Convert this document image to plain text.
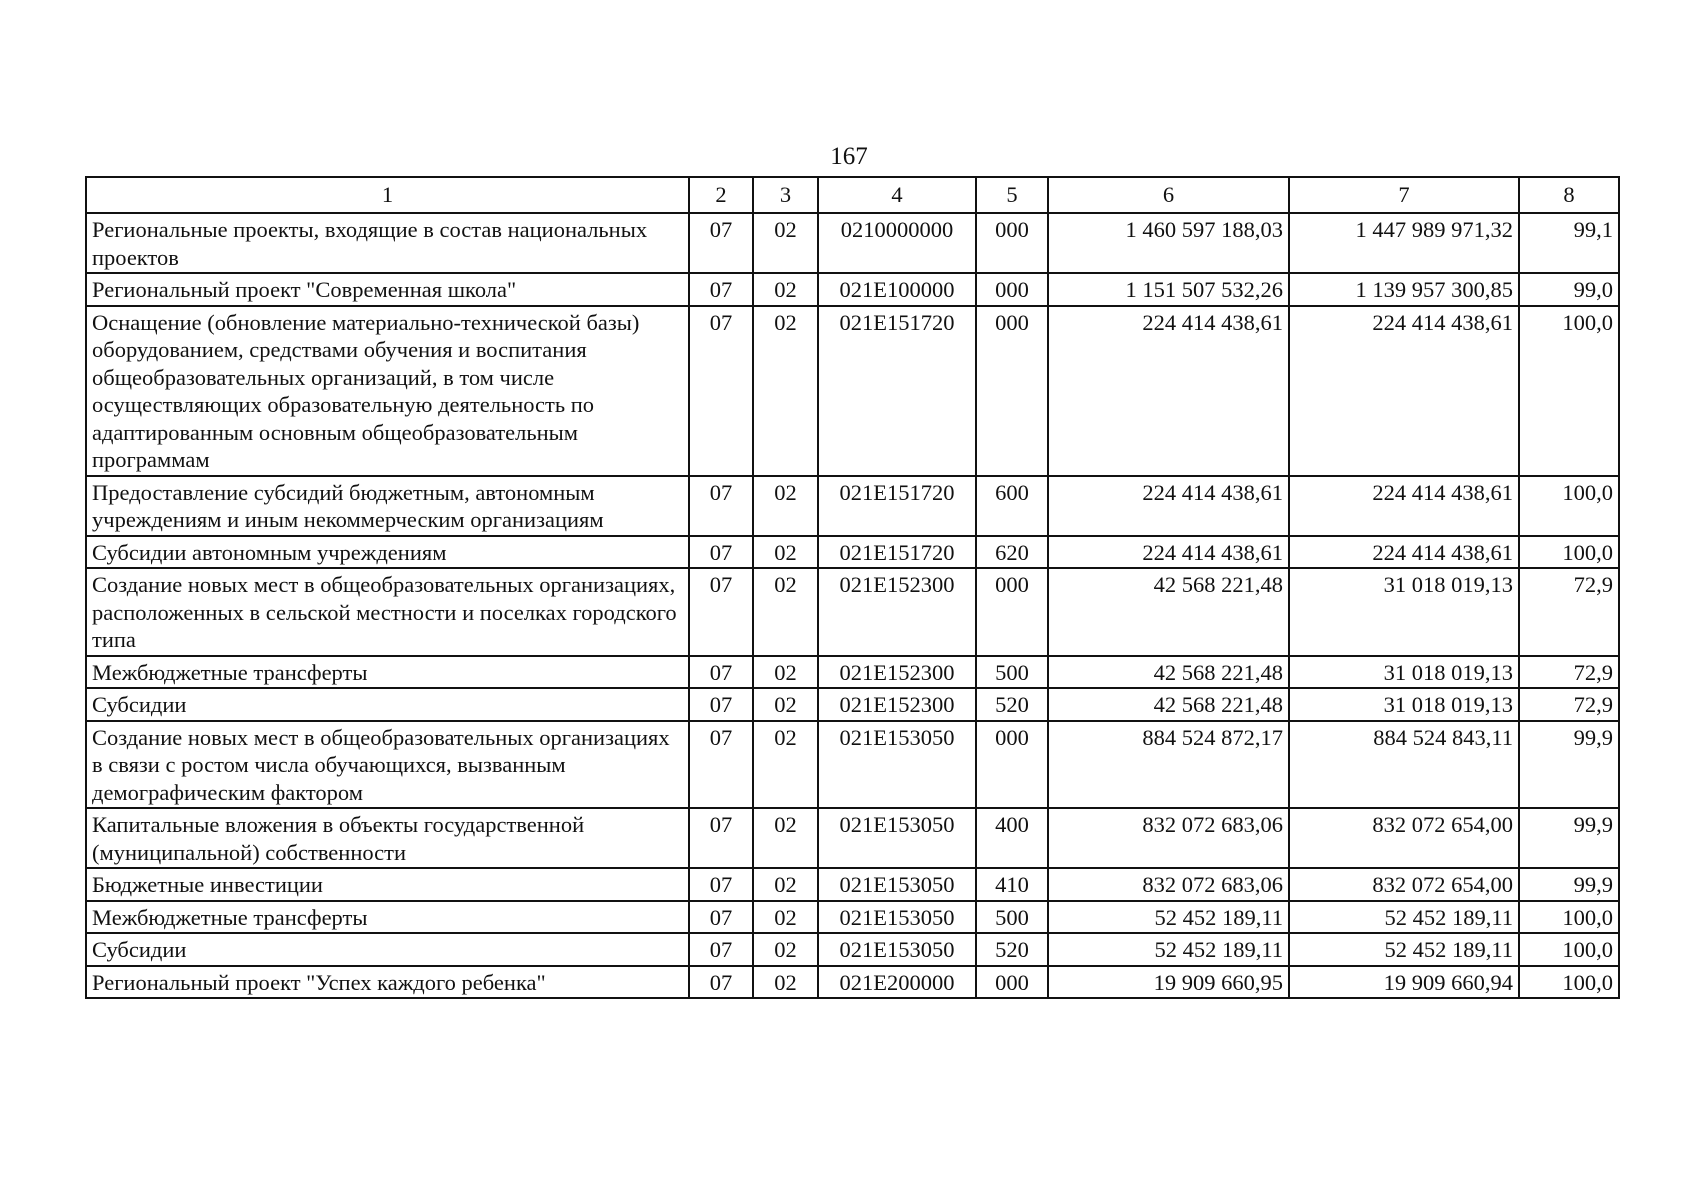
167
1	2	3	4	5	6	7	8
Региональные проекты, входящие в состав национальных проектов	07	02	0210000000	000	1 460 597 188,03	1 447 989 971,32	99,1
Региональный проект "Современная школа"	07	02	021E100000	000	1 151 507 532,26	1 139 957 300,85	99,0
Оснащение (обновление материально-технической базы) оборудованием, средствами обучения и воспитания общеобразовательных организаций, в том числе осуществляющих образовательную деятельность по адаптированным основным общеобразовательным программам	07	02	021E151720	000	224 414 438,61	224 414 438,61	100,0
Предоставление субсидий бюджетным, автономным учреждениям и иным некоммерческим организациям	07	02	021E151720	600	224 414 438,61	224 414 438,61	100,0
Субсидии автономным учреждениям	07	02	021E151720	620	224 414 438,61	224 414 438,61	100,0
Создание новых мест в общеобразовательных организациях, расположенных в сельской местности и поселках городского типа	07	02	021E152300	000	42 568 221,48	31 018 019,13	72,9
Межбюджетные трансферты	07	02	021E152300	500	42 568 221,48	31 018 019,13	72,9
Субсидии	07	02	021E152300	520	42 568 221,48	31 018 019,13	72,9
Создание новых мест в общеобразовательных организациях в связи с ростом числа обучающихся, вызванным демографическим фактором	07	02	021E153050	000	884 524 872,17	884 524 843,11	99,9
Капитальные вложения в объекты государственной (муниципальной) собственности	07	02	021E153050	400	832 072 683,06	832 072 654,00	99,9
Бюджетные инвестиции	07	02	021E153050	410	832 072 683,06	832 072 654,00	99,9
Межбюджетные трансферты	07	02	021E153050	500	52 452 189,11	52 452 189,11	100,0
Субсидии	07	02	021E153050	520	52 452 189,11	52 452 189,11	100,0
Региональный проект "Успех каждого ребенка"	07	02	021E200000	000	19 909 660,95	19 909 660,94	100,0
